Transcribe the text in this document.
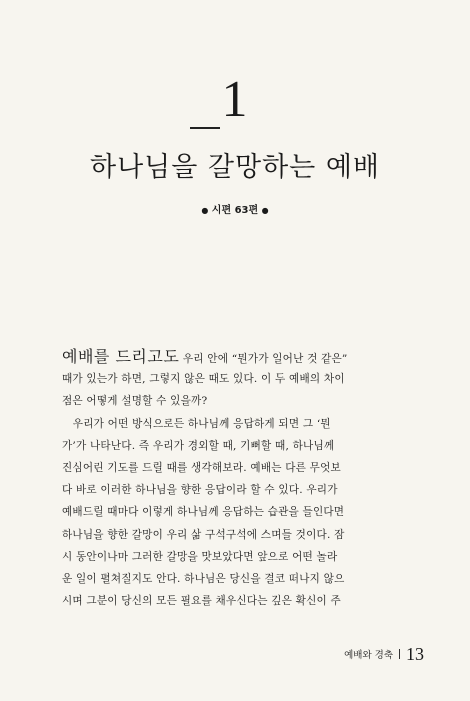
1
하나님을 갈망하는 예배
● 시편 63편 ●
예배를 드리고도 우리 안에 “뭔가가 일어난 것 같은”
때가 있는가 하면, 그렇지 않은 때도 있다. 이 두 예배의 차이
점은 어떻게 설명할 수 있을까?
　우리가 어떤 방식으로든 하나님께 응답하게 되면 그 ‘뭔
가’가 나타난다. 즉 우리가 경외할 때, 기뻐할 때, 하나님께
진심어린 기도를 드릴 때를 생각해보라. 예배는 다른 무엇보
다 바로 이러한 하나님을 향한 응답이라 할 수 있다. 우리가
예배드릴 때마다 이렇게 하나님께 응답하는 습관을 들인다면
하나님을 향한 갈망이 우리 삶 구석구석에 스며들 것이다. 잠
시 동안이나마 그러한 갈망을 맛보았다면 앞으로 어떤 놀라
운 일이 펼쳐질지도 안다. 하나님은 당신을 결코 떠나지 않으
시며 그분이 당신의 모든 필요를 채우신다는 깊은 확신이 주
예배와 경축 13
